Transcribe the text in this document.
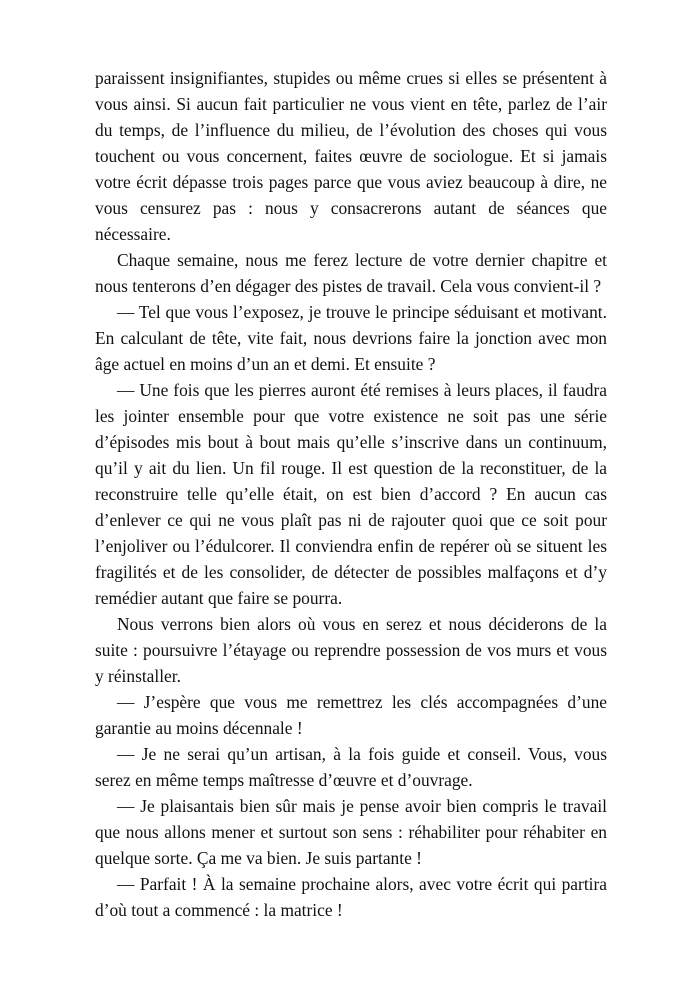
paraissent insignifiantes, stupides ou même crues si elles se présentent à vous ainsi. Si aucun fait particulier ne vous vient en tête, parlez de l’air du temps, de l’influence du milieu, de l’évolution des choses qui vous touchent ou vous concernent, faites œuvre de sociologue. Et si jamais votre écrit dépasse trois pages parce que vous aviez beaucoup à dire, ne vous censurez pas : nous y consacrerons autant de séances que nécessaire.

Chaque semaine, nous me ferez lecture de votre dernier chapitre et nous tenterons d’en dégager des pistes de travail. Cela vous convient-il ?

— Tel que vous l’exposez, je trouve le principe séduisant et motivant. En calculant de tête, vite fait, nous devrions faire la jonction avec mon âge actuel en moins d’un an et demi. Et ensuite ?

— Une fois que les pierres auront été remises à leurs places, il faudra les jointer ensemble pour que votre existence ne soit pas une série d’épisodes mis bout à bout mais qu’elle s’inscrive dans un continuum, qu’il y ait du lien. Un fil rouge. Il est question de la reconstituer, de la reconstruire telle qu’elle était, on est bien d’accord ? En aucun cas d’enlever ce qui ne vous plaît pas ni de rajouter quoi que ce soit pour l’enjoliver ou l’édulcorer. Il conviendra enfin de repérer où se situent les fragilités et de les consolider, de détecter de possibles malfaçons et d’y remédier autant que faire se pourra.

Nous verrons bien alors où vous en serez et nous déciderons de la suite : poursuivre l’étayage ou reprendre possession de vos murs et vous y réinstaller.

— J’espère que vous me remettrez les clés accompagnées d’une garantie au moins décennale !

— Je ne serai qu’un artisan, à la fois guide et conseil. Vous, vous serez en même temps maîtresse d’œuvre et d’ouvrage.

— Je plaisantais bien sûr mais je pense avoir bien compris le travail que nous allons mener et surtout son sens : réhabiliter pour réhabiter en quelque sorte. Ça me va bien. Je suis partante !

— Parfait ! À la semaine prochaine alors, avec votre écrit qui partira d’où tout a commencé : la matrice !
